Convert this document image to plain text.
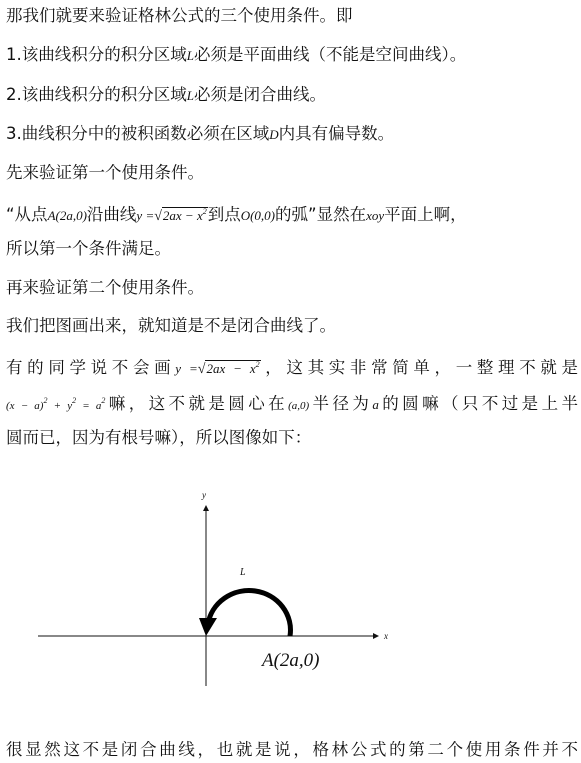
那我们就要来验证格林公式的三个使用条件。即
1.该曲线积分的积分区域L必须是平面曲线（不能是空间曲线）。
2.该曲线积分的积分区域L必须是闭合曲线。
3.曲线积分中的被积函数必须在区域D内具有偏导数。
先来验证第一个使用条件。
“从点A(2a,0)沿曲线$y =√2ax - x^2$到点O(0,0)的弧”显然在xoy平面上啊，
所以第一个条件满足。
再来验证第二个使用条件。
我们把图画出来，就知道是不是闭合曲线了。
有的同学说不会画$y =√2ax - x^2$，这其实非常简单，一整理不就是
$(x - a)^2 + y^2 = a^2$嘛，这不就是圆心在(a,0)半径为a的圆嘛（只不过是上半
圆而已，因为有根号嘛），所以图像如下：
y
x
L
A(2a,0)
很显然这不是闭合曲线，也就是说，格林公式的第二个使用条件并不
